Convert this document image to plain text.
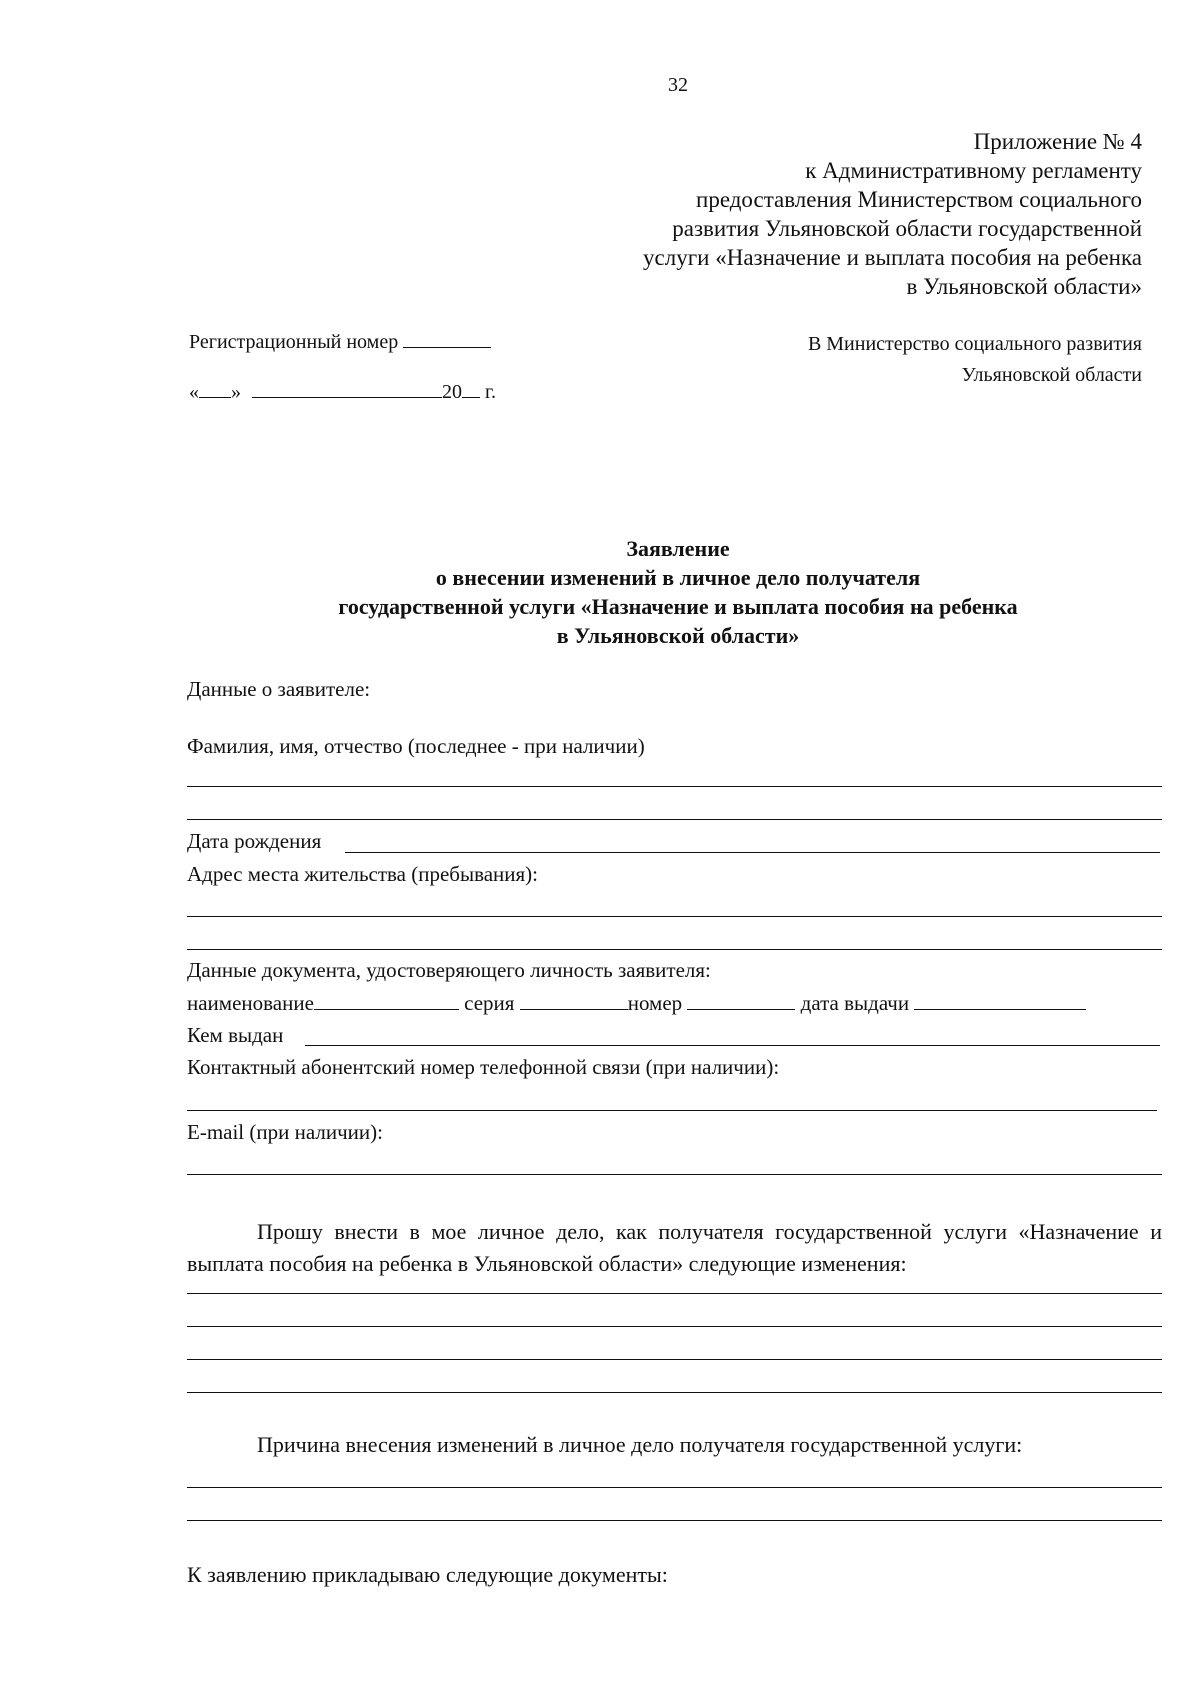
32
Приложение № 4
к Административному регламенту
предоставления Министерством социального
развития Ульяновской области государственной
услуги «Назначение и выплата пособия на ребенка
в Ульяновской области»
Регистрационный номер
« »	20 г.
В Министерство социального развития
Ульяновской области
Заявление
о внесении изменений в личное дело получателя
государственной услуги «Назначение и выплата пособия на ребенка
в Ульяновской области»
Данные о заявителе:
Фамилия, имя, отчество (последнее - при наличии)
Дата рождения
Адрес места жительства (пребывания):
Данные документа, удостоверяющего личность заявителя:
наименование	серия	номер	дата выдачи
Кем выдан
Контактный абонентский номер телефонной связи (при наличии):
E-mail (при наличии):
Прошу внести в мое личное дело, как получателя государственной услуги «Назначение и выплата пособия на ребенка в Ульяновской области» следующие изменения:
Причина внесения изменений в личное дело получателя государственной услуги:
К заявлению прикладываю следующие документы:
